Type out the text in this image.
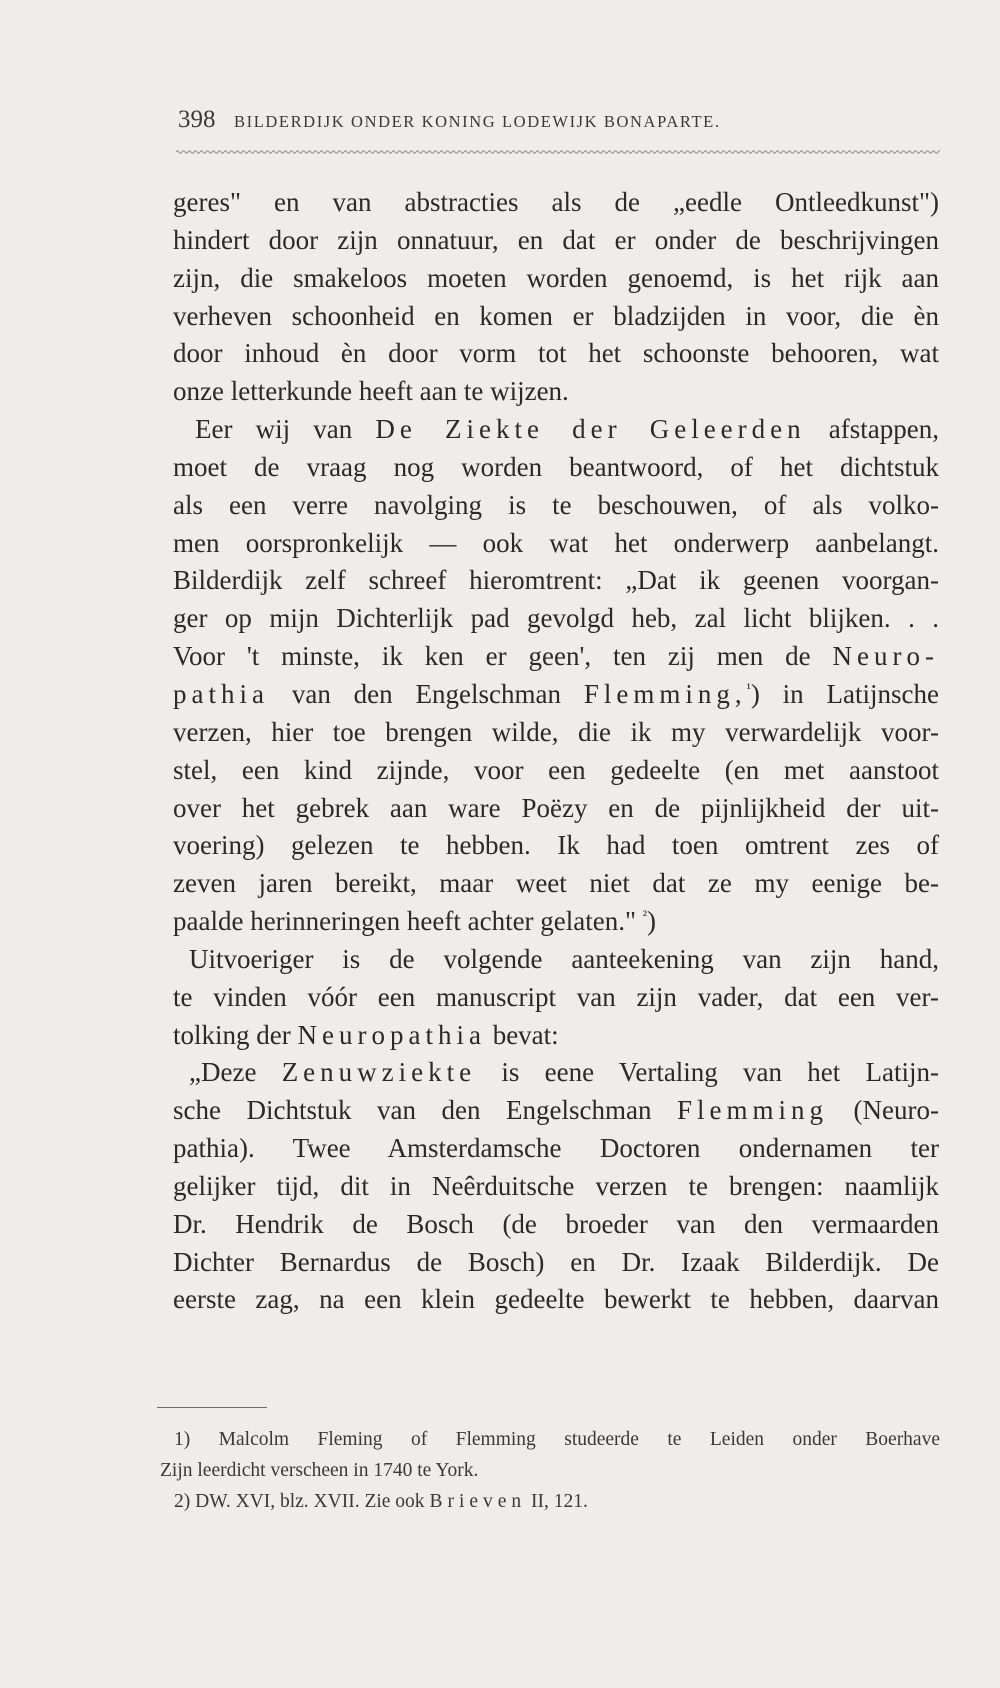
398 BILDERDIJK ONDER KONING LODEWIJK BONAPARTE.
geres" en van abstracties als de „eedle Ontleedkunst")
hindert door zijn onnatuur, en dat er onder de beschrijvingen
zijn, die smakeloos moeten worden genoemd, is het rijk aan
verheven schoonheid en komen er bladzijden in voor, die èn
door inhoud èn door vorm tot het schoonste behooren, wat
onze letterkunde heeft aan te wijzen.
Eer wij van De Ziekte der Geleerden afstappen,
moet de vraag nog worden beantwoord, of het dichtstuk
als een verre navolging is te beschouwen, of als volko-
men oorspronkelijk — ook wat het onderwerp aanbelangt.
Bilderdijk zelf schreef hieromtrent: „Dat ik geenen voorgan-
ger op mijn Dichterlijk pad gevolgd heb, zal licht blijken. . .
Voor 't minste, ik ken er geen', ten zij men de Neuro-
pathia van den Engelschman Flemming,$^{^1}$) in Latijnsche
verzen, hier toe brengen wilde, die ik my verwardelijk voor-
stel, een kind zijnde, voor een gedeelte (en met aanstoot
over het gebrek aan ware Poëzy en de pijnlijkheid der uit-
voering) gelezen te hebben. Ik had toen omtrent zes of
zeven jaren bereikt, maar weet niet dat ze my eenige be-
paalde herinneringen heeft achter gelaten." $^{^2}$)
Uitvoeriger is de volgende aanteekening van zijn hand,
te vinden vóór een manuscript van zijn vader, dat een ver-
tolking der Neuropathia bevat:
„Deze Zenuwziekte is eene Vertaling van het Latijn-
sche Dichtstuk van den Engelschman Flemming (Neuro-
pathia). Twee Amsterdamsche Doctoren ondernamen ter
gelijker tijd, dit in Neêrduitsche verzen te brengen: naamlijk
Dr. Hendrik de Bosch (de broeder van den vermaarden
Dichter Bernardus de Bosch) en Dr. Izaak Bilderdijk. De
eerste zag, na een klein gedeelte bewerkt te hebben, daarvan
1) Malcolm Fleming of Flemming studeerde te Leiden onder Boerhave
Zijn leerdicht verscheen in 1740 te York.
2) DW. XVI, blz. XVII. Zie ook Brieven II, 121.
